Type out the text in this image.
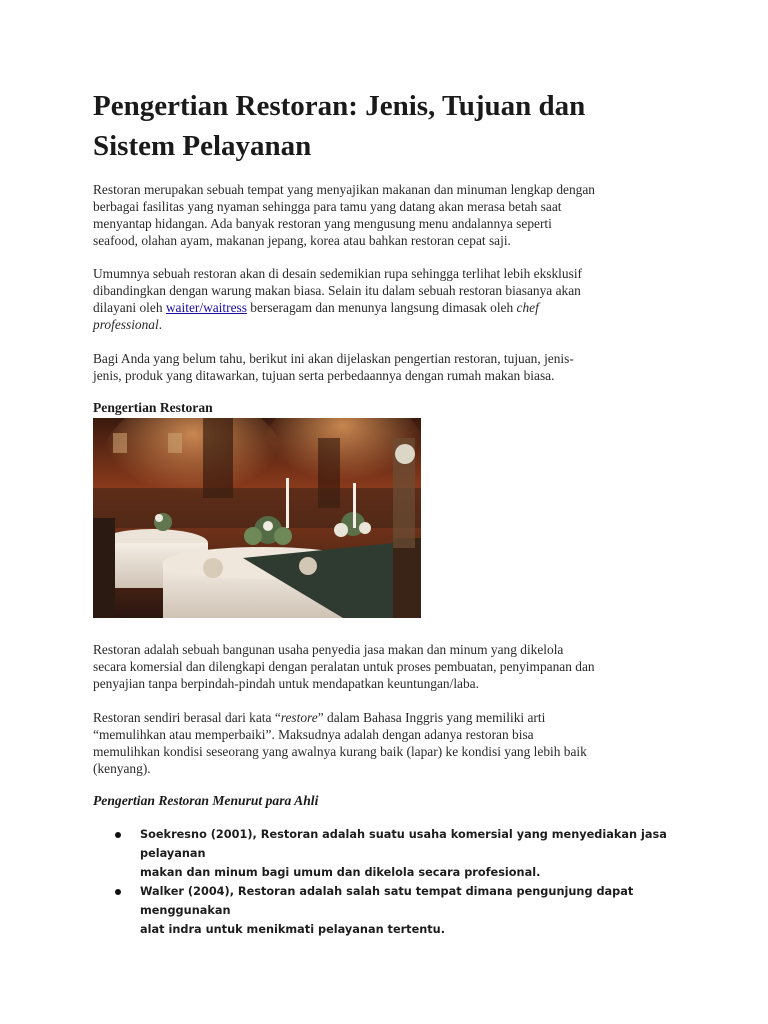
Pengertian Restoran: Jenis, Tujuan dan
Sistem Pelayanan

Restoran merupakan sebuah tempat yang menyajikan makanan dan minuman lengkap dengan
berbagai fasilitas yang nyaman sehingga para tamu yang datang akan merasa betah saat
menyantap hidangan. Ada banyak restoran yang mengusung menu andalannya seperti
seafood, olahan ayam, makanan jepang, korea atau bahkan restoran cepat saji.

Umumnya sebuah restoran akan di desain sedemikian rupa sehingga terlihat lebih eksklusif
dibandingkan dengan warung makan biasa. Selain itu dalam sebuah restoran biasanya akan
dilayani oleh waiter/waitress berseragam dan menunya langsung dimasak oleh chef
professional.

Bagi Anda yang belum tahu, berikut ini akan dijelaskan pengertian restoran, tujuan, jenis-
jenis, produk yang ditawarkan, tujuan serta perbedaannya dengan rumah makan biasa.

Pengertian Restoran

Restoran adalah sebuah bangunan usaha penyedia jasa makan dan minum yang dikelola
secara komersial dan dilengkapi dengan peralatan untuk proses pembuatan, penyimpanan dan
penyajian tanpa berpindah-pindah untuk mendapatkan keuntungan/laba.

Restoran sendiri berasal dari kata “restore” dalam Bahasa Inggris yang memiliki arti
“memulihkan atau memperbaiki”. Maksudnya adalah dengan adanya restoran bisa
memulihkan kondisi seseorang yang awalnya kurang baik (lapar) ke kondisi yang lebih baik
(kenyang).

Pengertian Restoran Menurut para Ahli
Soekresno (2001), Restoran adalah suatu usaha komersial yang menyediakan jasa pelayanan
makan dan minum bagi umum dan dikelola secara profesional.
Walker (2004), Restoran adalah salah satu tempat dimana pengunjung dapat menggunakan
alat indra untuk menikmati pelayanan tertentu.
